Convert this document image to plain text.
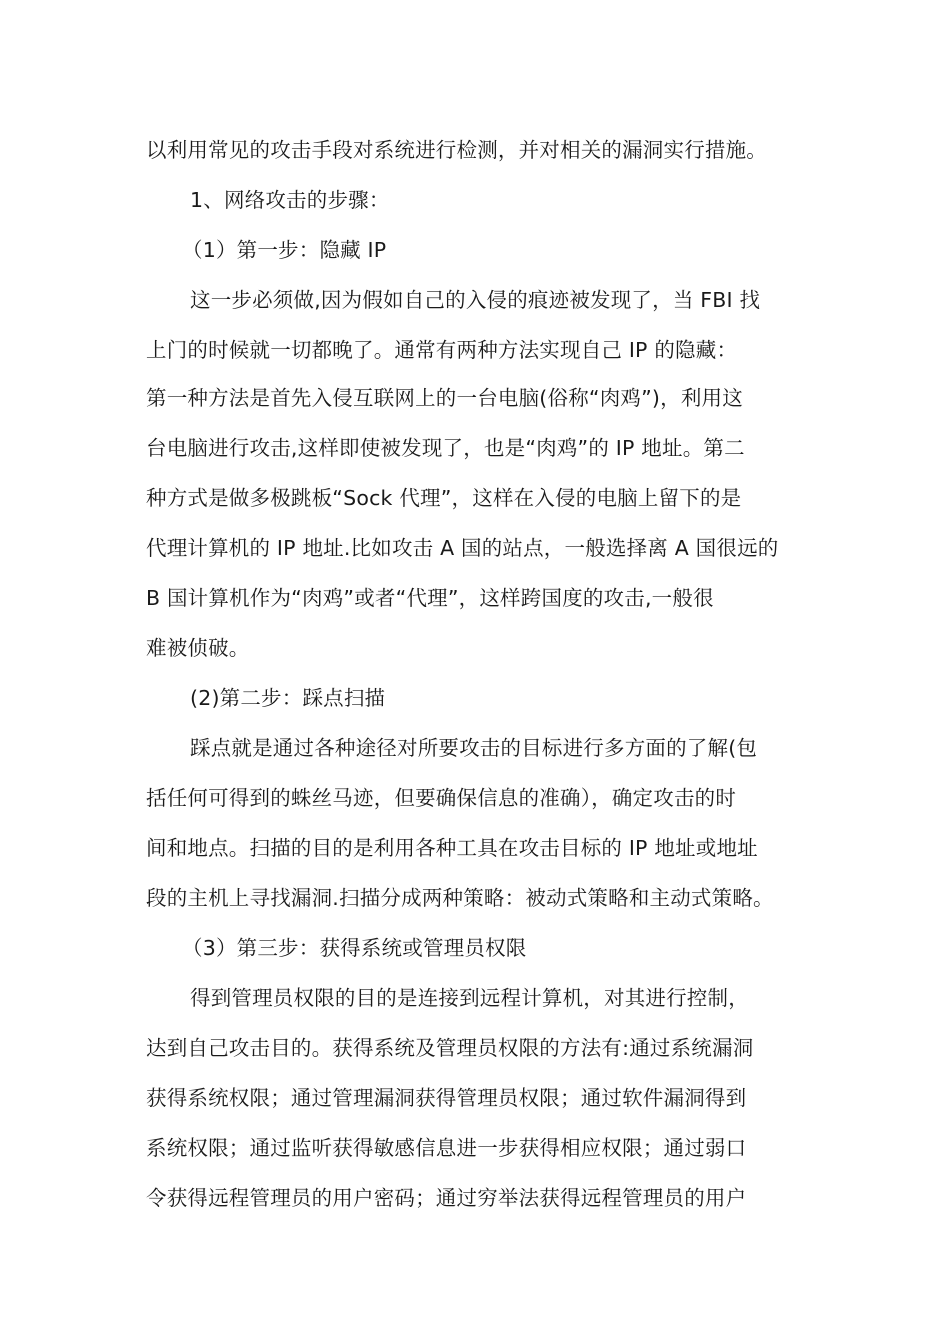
以利用常见的攻击手段对系统进行检测，并对相关的漏洞实行措施。
1、网络攻击的步骤：
（1）第一步：隐藏 IP
这一步必须做,因为假如自己的入侵的痕迹被发现了，当 FBI 找
上门的时候就一切都晚了。通常有两种方法实现自己 IP 的隐藏：
第一种方法是首先入侵互联网上的一台电脑(俗称“肉鸡”)，利用这
台电脑进行攻击,这样即使被发现了，也是“肉鸡”的 IP 地址。第二
种方式是做多极跳板“Sock 代理”，这样在入侵的电脑上留下的是
代理计算机的 IP 地址.比如攻击 A 国的站点，一般选择离 A 国很远的
B 国计算机作为“肉鸡”或者“代理”，这样跨国度的攻击,一般很
难被侦破。
(2)第二步：踩点扫描
踩点就是通过各种途径对所要攻击的目标进行多方面的了解(包
括任何可得到的蛛丝马迹，但要确保信息的准确），确定攻击的时
间和地点。扫描的目的是利用各种工具在攻击目标的 IP 地址或地址
段的主机上寻找漏洞.扫描分成两种策略：被动式策略和主动式策略。
（3）第三步：获得系统或管理员权限
得到管理员权限的目的是连接到远程计算机，对其进行控制，
达到自己攻击目的。获得系统及管理员权限的方法有:通过系统漏洞
获得系统权限；通过管理漏洞获得管理员权限；通过软件漏洞得到
系统权限；通过监听获得敏感信息进一步获得相应权限；通过弱口
令获得远程管理员的用户密码；通过穷举法获得远程管理员的用户
